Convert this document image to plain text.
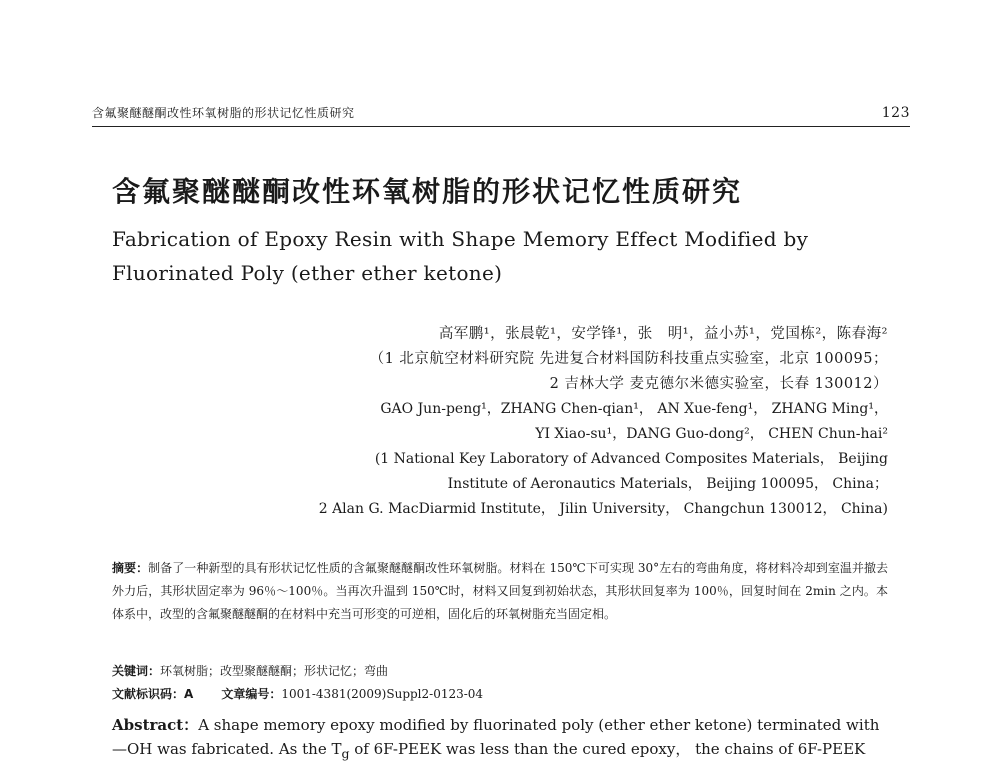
含氟聚醚醚酮改性环氧树脂的形状记忆性质研究	123
含氟聚醚醚酮改性环氧树脂的形状记忆性质研究
Fabrication of Epoxy Resin with Shape Memory Effect Modified by
Fluorinated Poly (ether ether ketone)
高军鹏¹，张晨乾¹，安学锋¹，张　明¹，益小苏¹，党国栋²，陈春海²
（1 北京航空材料研究院 先进复合材料国防科技重点实验室，北京 100095；
2 吉林大学 麦克德尔米德实验室，长春 130012）
GAO Jun-peng¹，ZHANG Chen-qian¹， AN Xue-feng¹， ZHANG Ming¹，
YI Xiao-su¹，DANG Guo-dong²， CHEN Chun-hai²
(1 National Key Laboratory of Advanced Composites Materials， Beijing
Institute of Aeronautics Materials， Beijing 100095， China；
2 Alan G. MacDiarmid Institute， Jilin University， Changchun 130012， China)
摘要：制备了一种新型的具有形状记忆性质的含氟聚醚醚酮改性环氧树脂。材料在 150℃下可实现 30°左右的弯曲角度，将材料冷却到室温并撤去外力后，其形状固定率为 96％～100％。当再次升温到 150℃时，材料又回复到初始状态，其形状回复率为 100％，回复时间在 2min 之内。本体系中，改型的含氟聚醚醚酮的在材料中充当可形变的可逆相，固化后的环氧树脂充当固定相。
关键词：环氧树脂；改型聚醚醚酮；形状记忆；弯曲
文献标识码：A 文章编号：1001-4381(2009)Suppl2-0123-04
Abstract：A shape memory epoxy modified by fluorinated poly (ether ether ketone) terminated with
—OH was fabricated. As the $T_g$ of 6F-PEEK was less than the cured epoxy， the chains of 6F-PEEK
